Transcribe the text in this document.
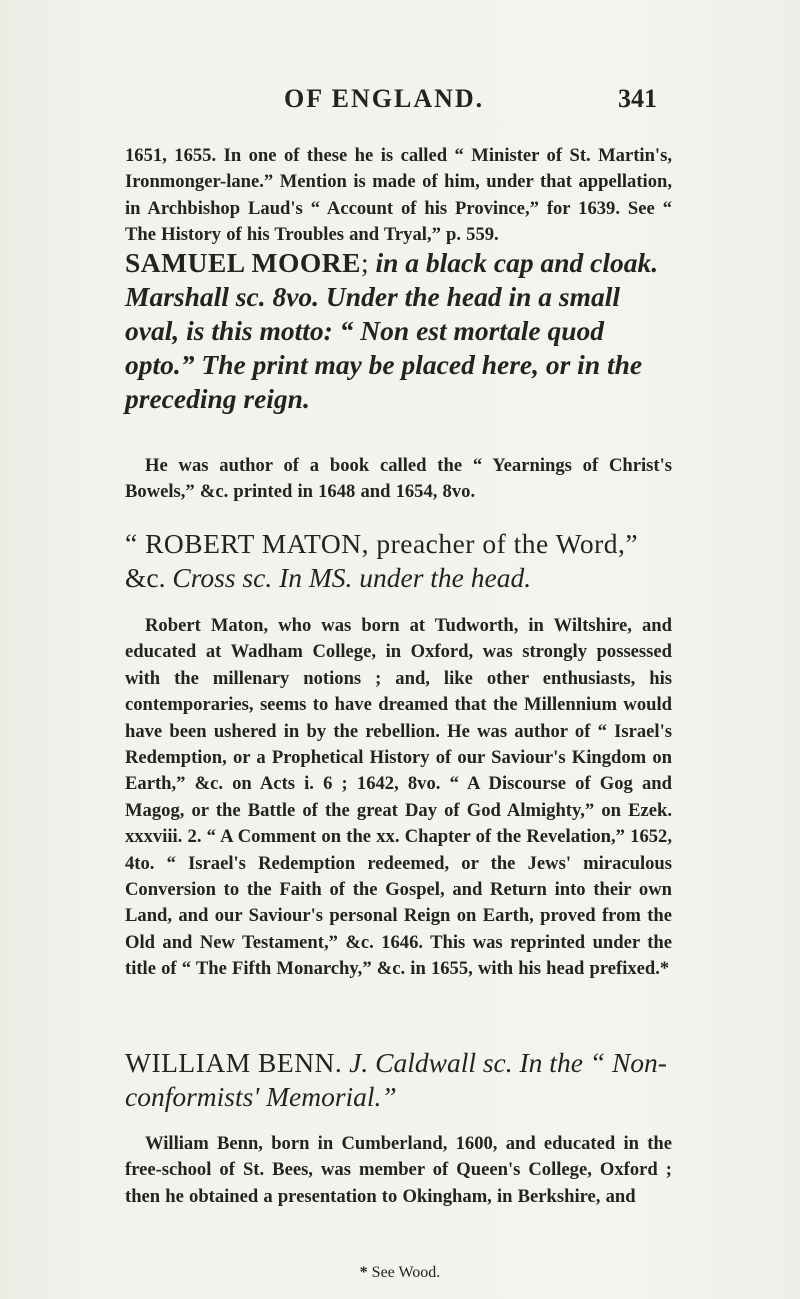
OF ENGLAND.	341

1651, 1655. In one of these he is called “ Minister of St. Martin's, Ironmonger-lane.” Mention is made of him, under that appellation, in Archbishop Laud's “ Account of his Province,” for 1639. See “ The History of his Troubles and Tryal,” p. 559.

SAMUEL MOORE; in a black cap and cloak. Marshall sc. 8vo. Under the head in a small oval, is this motto: “ Non est mortale quod opto.” The print may be placed here, or in the preceding reign.

He was author of a book called the “ Yearnings of Christ's Bowels,” &c. printed in 1648 and 1654, 8vo.

“ ROBERT MATON, preacher of the Word,” &c. Cross sc. In MS. under the head.

Robert Maton, who was born at Tudworth, in Wiltshire, and educated at Wadham College, in Oxford, was strongly possessed with the millenary notions ; and, like other enthusiasts, his contemporaries, seems to have dreamed that the Millennium would have been ushered in by the rebellion. He was author of “ Israel's Redemption, or a Prophetical History of our Saviour's Kingdom on Earth,” &c. on Acts i. 6 ; 1642, 8vo. “ A Discourse of Gog and Magog, or the Battle of the great Day of God Almighty,” on Ezek. xxxviii. 2. “ A Comment on the xx. Chapter of the Revelation,” 1652, 4to. “ Israel's Redemption redeemed, or the Jews' miraculous Conversion to the Faith of the Gospel, and Return into their own Land, and our Saviour's personal Reign on Earth, proved from the Old and New Testament,” &c. 1646. This was reprinted under the title of “ The Fifth Monarchy,” &c. in 1655, with his head prefixed.*

WILLIAM BENN. J. Caldwall sc. In the “ Non-conformists' Memorial.”

William Benn, born in Cumberland, 1600, and educated in the free-school of St. Bees, was member of Queen's College, Oxford ; then he obtained a presentation to Okingham, in Berkshire, and

* See Wood.
